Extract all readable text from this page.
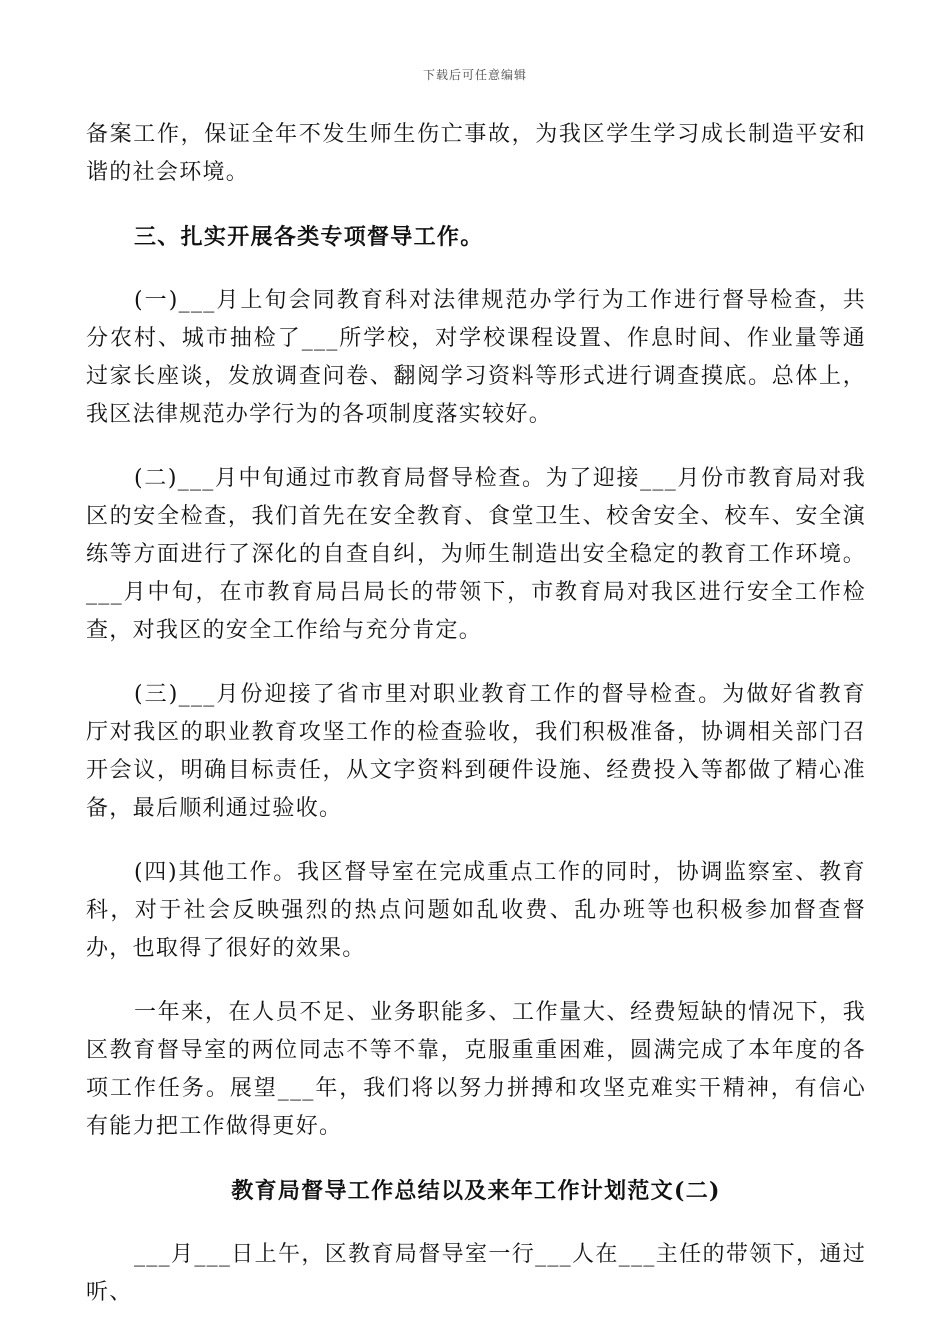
下载后可任意编辑

备案工作，保证全年不发生师生伤亡事故，为我区学生学习成长制造平安和谐的社会环境。

三、扎实开展各类专项督导工作。

(一)___月上旬会同教育科对法律规范办学行为工作进行督导检查，共分农村、城市抽检了___所学校，对学校课程设置、作息时间、作业量等通过家长座谈，发放调查问卷、翻阅学习资料等形式进行调查摸底。总体上，我区法律规范办学行为的各项制度落实较好。

(二)___月中旬通过市教育局督导检查。为了迎接___月份市教育局对我区的安全检查，我们首先在安全教育、食堂卫生、校舍安全、校车、安全演练等方面进行了深化的自查自纠，为师生制造出安全稳定的教育工作环境。___月中旬，在市教育局吕局长的带领下，市教育局对我区进行安全工作检查，对我区的安全工作给与充分肯定。

(三)___月份迎接了省市里对职业教育工作的督导检查。为做好省教育厅对我区的职业教育攻坚工作的检查验收，我们积极准备，协调相关部门召开会议，明确目标责任，从文字资料到硬件设施、经费投入等都做了精心准备，最后顺利通过验收。

(四)其他工作。我区督导室在完成重点工作的同时，协调监察室、教育科，对于社会反映强烈的热点问题如乱收费、乱办班等也积极参加督查督办，也取得了很好的效果。

一年来，在人员不足、业务职能多、工作量大、经费短缺的情况下，我区教育督导室的两位同志不等不靠，克服重重困难，圆满完成了本年度的各项工作任务。展望___年，我们将以努力拼搏和攻坚克难实干精神，有信心有能力把工作做得更好。

教育局督导工作总结以及来年工作计划范文(二)

___月___日上午，区教育局督导室一行___人在___主任的带领下，通过听、
